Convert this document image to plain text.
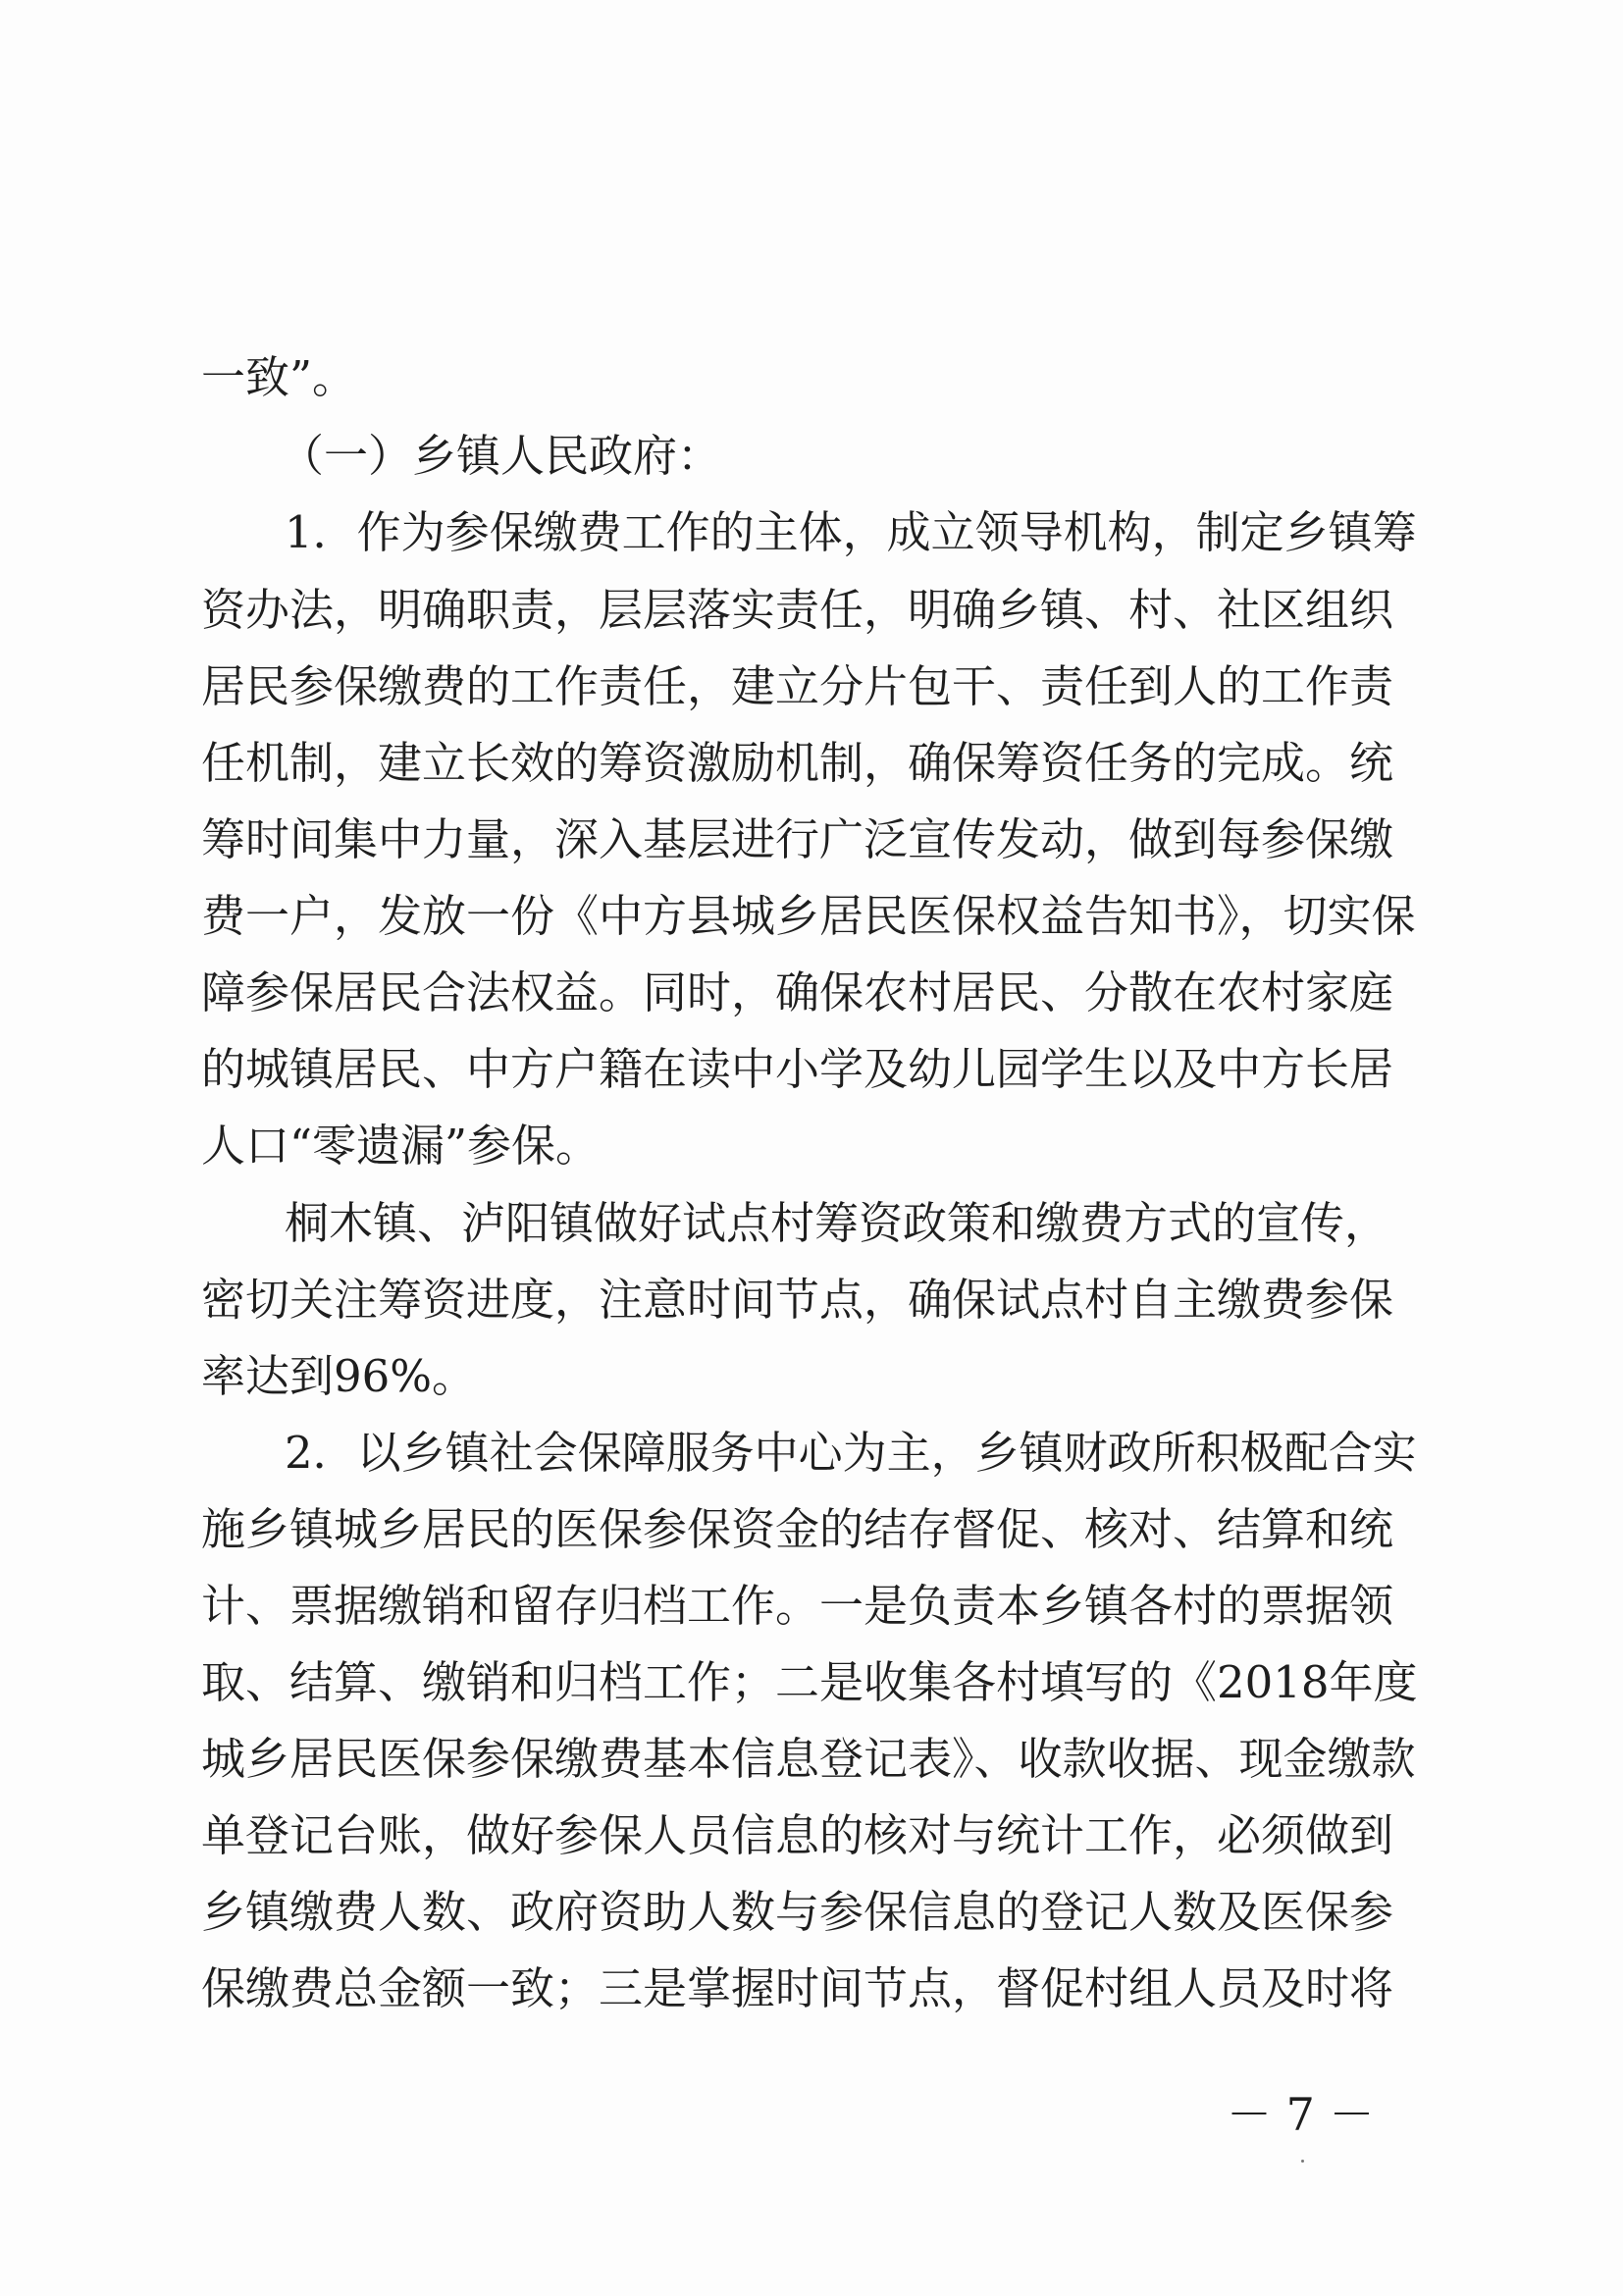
一致”。
（一）乡镇人民政府：
1．作为参保缴费工作的主体，成立领导机构，制定乡镇筹
资办法，明确职责，层层落实责任，明确乡镇、村、社区组织
居民参保缴费的工作责任，建立分片包干、责任到人的工作责
任机制，建立长效的筹资激励机制，确保筹资任务的完成。统
筹时间集中力量，深入基层进行广泛宣传发动，做到每参保缴
费一户，发放一份《中方县城乡居民医保权益告知书》，切实保
障参保居民合法权益。同时，确保农村居民、分散在农村家庭
的城镇居民、中方户籍在读中小学及幼儿园学生以及中方长居
人口“零遗漏”参保。
桐木镇、泸阳镇做好试点村筹资政策和缴费方式的宣传，
密切关注筹资进度，注意时间节点，确保试点村自主缴费参保
率达到96%。
2．以乡镇社会保障服务中心为主，乡镇财政所积极配合实
施乡镇城乡居民的医保参保资金的结存督促、核对、结算和统
计、票据缴销和留存归档工作。一是负责本乡镇各村的票据领
取、结算、缴销和归档工作；二是收集各村填写的《2018年度
城乡居民医保参保缴费基本信息登记表》、收款收据、现金缴款
单登记台账，做好参保人员信息的核对与统计工作，必须做到
乡镇缴费人数、政府资助人数与参保信息的登记人数及医保参
保缴费总金额一致；三是掌握时间节点，督促村组人员及时将
－ 7 －
